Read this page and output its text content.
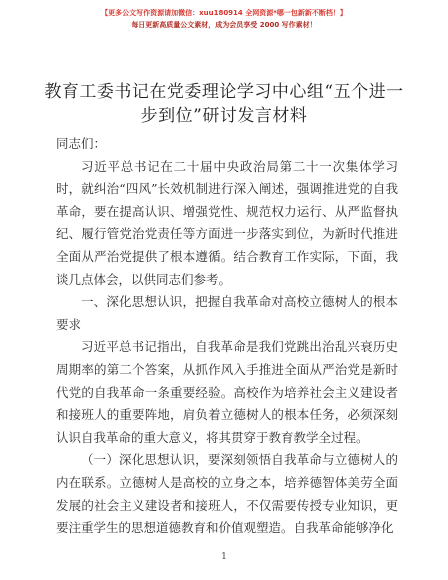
【更多公文写作资源请加微信：xuu180914 全网资源*哪一包新新不断档！】
每日更新高质量公文素材，成为会员享受 2000 写作素材！
教育工委书记在党委理论学习中心组“五个进一步到位”研讨发言材料

同志们：

习近平总书记在二十届中央政治局第二十一次集体学习时，就纠治“四风”长效机制进行深入阐述，强调推进党的自我革命，要在提高认识、增强党性、规范权力运行、从严监督执纪、履行管党治党责任等方面进一步落实到位，为新时代推进全面从严治党提供了根本遵循。结合教育工作实际，下面，我谈几点体会，以供同志们参考。

一、深化思想认识，把握自我革命对高校立德树人的根本要求

习近平总书记指出，自我革命是我们党跳出治乱兴衰历史周期率的第二个答案，从抓作风入手推进全面从严治党是新时代党的自我革命一条重要经验。高校作为培养社会主义建设者和接班人的重要阵地，肩负着立德树人的根本任务，必须深刻认识自我革命的重大意义，将其贯穿于教育教学全过程。

（一）深化思想认识，要深刻领悟自我革命与立德树人的内在联系。立德树人是高校的立身之本，培养德智体美劳全面发展的社会主义建设者和接班人，不仅需要传授专业知识，更要注重学生的思想道德教育和价值观塑造。自我革命能够净化

1
